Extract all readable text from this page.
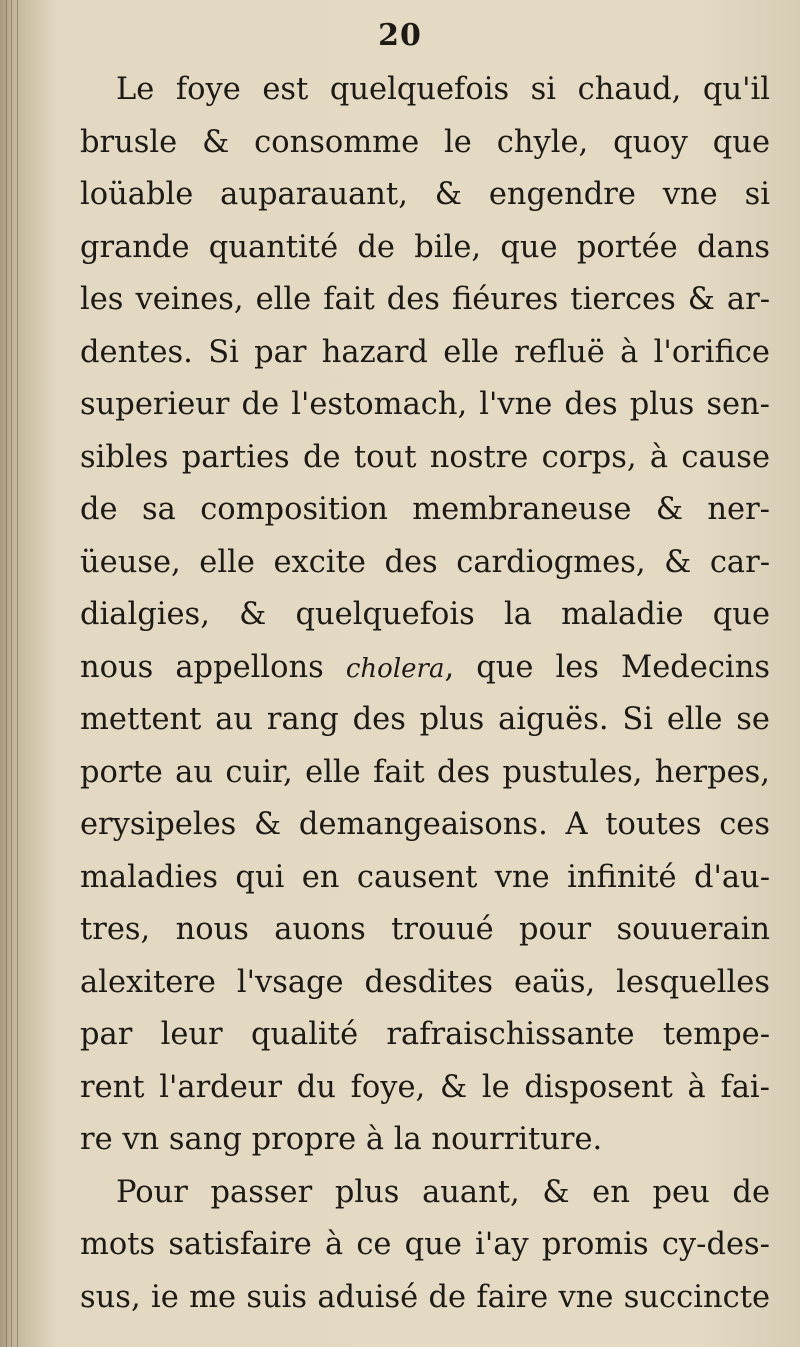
20
Le foye est quelquefois si chaud, qu'il
brusle & consomme le chyle, quoy que
loüable auparauant, & engendre vne si
grande quantité de bile, que portée dans
les veines, elle fait des fiéures tierces & ar-
dentes. Si par hazard elle refluë à l'orifice
superieur de l'estomach, l'vne des plus sen-
sibles parties de tout nostre corps, à cause
de sa composition membraneuse & ner-
üeuse, elle excite des cardiogmes, & car-
dialgies, & quelquefois la maladie que
nous appellons cholera, que les Medecins
mettent au rang des plus aiguës. Si elle se
porte au cuir, elle fait des pustules, herpes,
erysipeles & demangeaisons. A toutes ces
maladies qui en causent vne infinité d'au-
tres, nous auons trouué pour souuerain
alexitere l'vsage desdites eaüs, lesquelles
par leur qualité rafraischissante tempe-
rent l'ardeur du foye, & le disposent à fai-
re vn sang propre à la nourriture.
Pour passer plus auant, & en peu de
mots satisfaire à ce que i'ay promis cy-des-
sus, ie me suis aduisé de faire vne succincte
